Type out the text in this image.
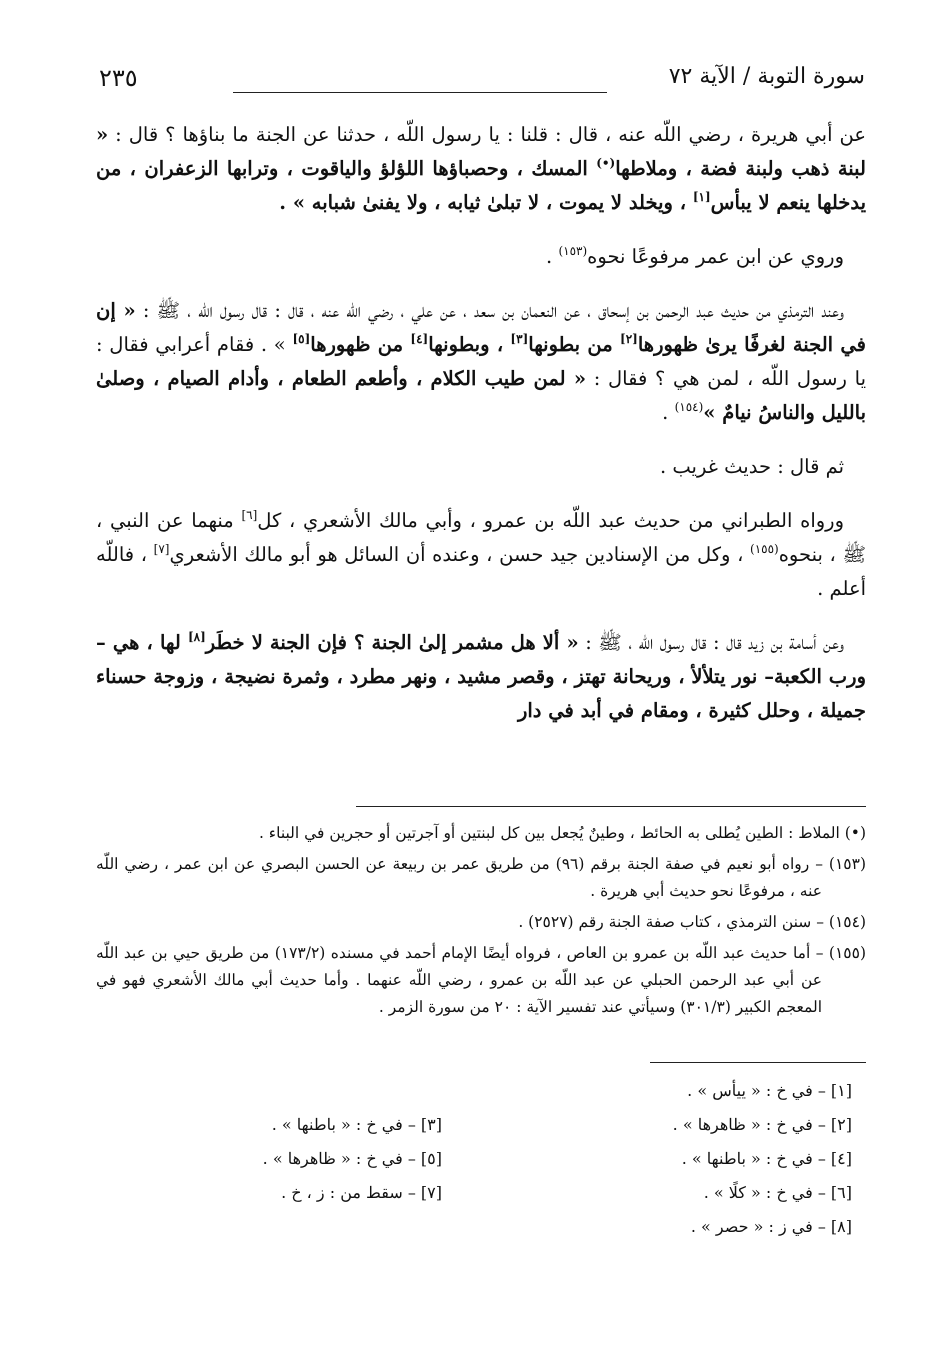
٢٣٥	سورة التوبة / الآية ٧٢

عن أبي هريرة ، رضي اللّه عنه ، قال : قلنا : يا رسول اللّه ، حدثنا عن الجنة ما بناؤها ؟ قال : « لبنة ذهب ولبنة فضة ، وملاطها(•) المسك ، وحصباؤها اللؤلؤ والياقوت ، وترابها الزعفران ، من يدخلها ينعم لا يبأس[١] ، ويخلد لا يموت ، لا تبلىٰ ثيابه ، ولا يفنىٰ شبابه » .

وروي عن ابن عمر مرفوعًا نحوه$^{(١٥٣)}$ .

وعند الترمذي من حديث عبد الرحمن بن إسحاق ، عن النعمان بن سعد ، عن علي ، رضي اللّه عنه ، قال : قال رسول اللّه ، ﷺ : « إن في الجنة لغرفًا يرىٰ ظهورها[٢] من بطونها[٣] ، وبطونها[٤] من ظهورها[٥] » . فقام أعرابي فقال : يا رسول اللّه ، لمن هي ؟ فقال : « لمن طيب الكلام ، وأطعم الطعام ، وأدام الصيام ، وصلىٰ بالليل والناسُ نيامٌ »$^{(١٥٤)}$ .

ثم قال : حديث غريب .

ورواه الطبراني من حديث عبد اللّه بن عمرو ، وأبي مالك الأشعري ، كل[٦] منهما عن النبي ، ﷺ ، بنحوه$^{(١٥٥)}$ ، وكل من الإسنادين جيد حسن ، وعنده أن السائل هو أبو مالك الأشعري[٧] ، فاللّه أعلم .

وعن أسامة بن زيد قال : قال رسول اللّه ، ﷺ : « ألا هل مشمر إلىٰ الجنة ؟ فإن الجنة لا خطَر[٨] لها ، هي –ورب الكعبة– نور يتلألأ ، وريحانة تهتز ، وقصر مشيد ، ونهر مطرد ، وثمرة نضيجة ، وزوجة حسناء جميلة ، وحلل كثيرة ، ومقام في أبد في دار

(•) الملاط : الطين يُطلى به الحائط ، وطينٌ يُجعل بين كل لبنتين أو آجرتين أو حجرين في البناء .

(١٥٣) – رواه أبو نعيم في صفة الجنة برقم (٩٦) من طريق عمر بن ربيعة عن الحسن البصري عن ابن عمر ، رضي اللّه عنه ، مرفوعًا نحو حديث أبي هريرة .

(١٥٤) – سنن الترمذي ، كتاب صفة الجنة رقم (٢٥٢٧) .

(١٥٥) – أما حديث عبد اللّه بن عمرو بن العاص ، فرواه أيضًا الإمام أحمد في مسنده (١٧٣/٢) من طريق حيي بن عبد اللّه عن أبي عبد الرحمن الحبلي عن عبد اللّه بن عمرو ، رضي اللّه عنهما . وأما حديث أبي مالك الأشعري فهو في المعجم الكبير (٣٠١/٣) وسيأتي عند تفسير الآية : ٢٠ من سورة الزمر .

[١] – في خ : « ييأس » .
[٢] – في خ : « ظاهرها » .
[٤] – في خ : « باطنها » .
[٦] – في خ : « كلًا » .
[٨] – في ز : « حصر » .
[٣] – في خ : « باطنها » .
[٥] – في خ : « ظاهرها » .
[٧] – سقط من : ز ، خ .
